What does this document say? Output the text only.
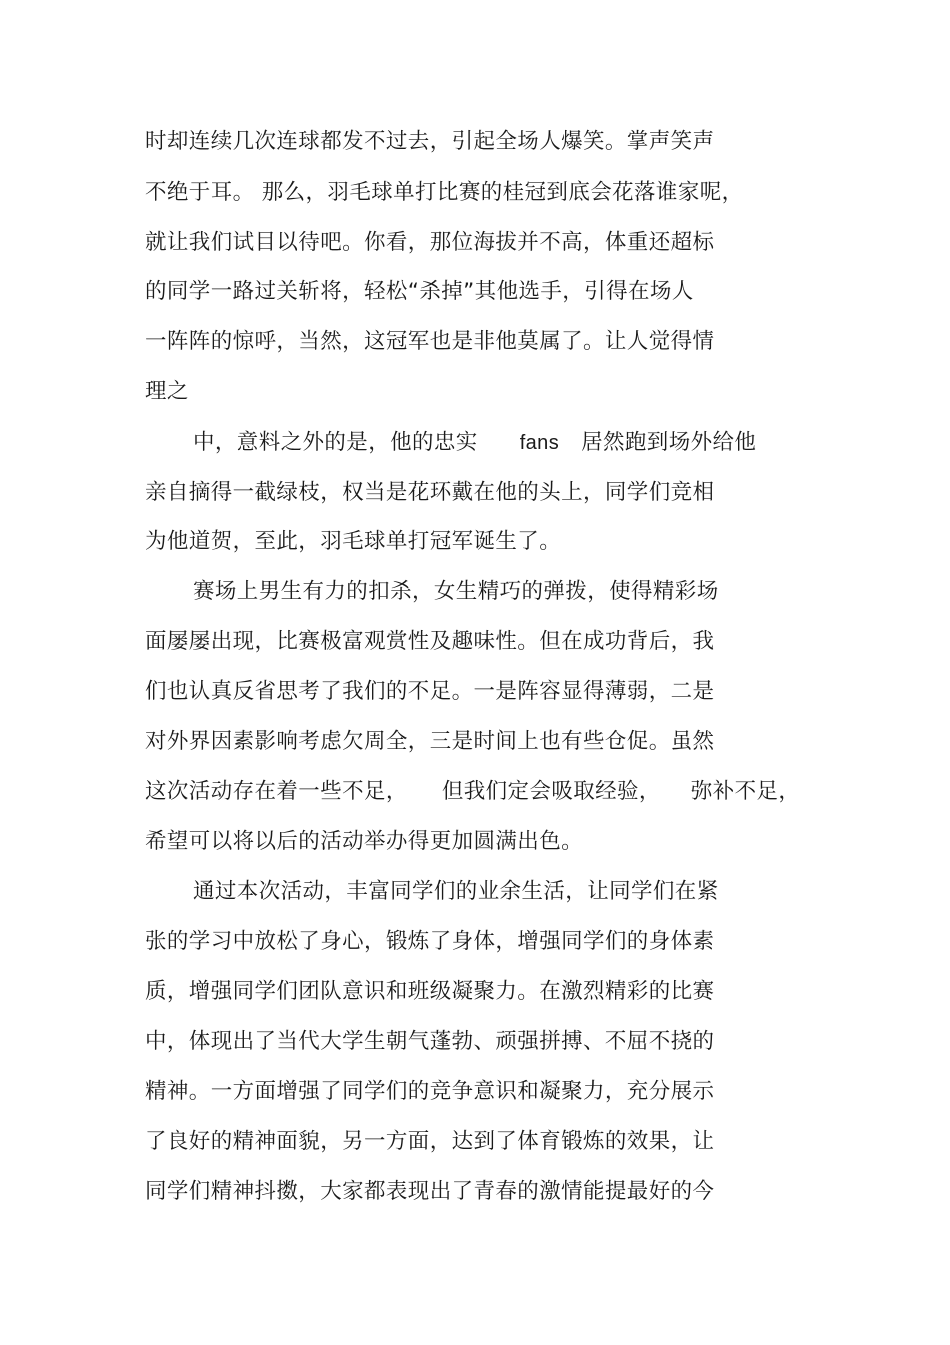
时却连续几次连球都发不过去，引起全场人爆笑。掌声笑声
不绝于耳。 那么，羽毛球单打比赛的桂冠到底会花落谁家呢，
就让我们试目以待吧。你看，那位海拔并不高，体重还超标
的同学一路过关斩将，轻松“杀掉”其他选手，引得在场人
一阵阵的惊呼，当然，这冠军也是非他莫属了。让人觉得情
理之
中，意料之外的是，他的忠实 fans 居然跑到场外给他
亲自摘得一截绿枝，权当是花环戴在他的头上，同学们竞相
为他道贺，至此，羽毛球单打冠军诞生了。
赛场上男生有力的扣杀，女生精巧的弹拨，使得精彩场
面屡屡出现，比赛极富观赏性及趣味性。但在成功背后，我
们也认真反省思考了我们的不足。一是阵容显得薄弱，二是
对外界因素影响考虑欠周全，三是时间上也有些仓促。虽然
这次活动存在着一些不足， 但我们定会吸取经验， 弥补不足，
希望可以将以后的活动举办得更加圆满出色。
通过本次活动，丰富同学们的业余生活，让同学们在紧
张的学习中放松了身心，锻炼了身体，增强同学们的身体素
质，增强同学们团队意识和班级凝聚力。在激烈精彩的比赛
中，体现出了当代大学生朝气蓬勃、顽强拼搏、不屈不挠的
精神。一方面增强了同学们的竞争意识和凝聚力，充分展示
了良好的精神面貌，另一方面，达到了体育锻炼的效果，让
同学们精神抖擞，大家都表现出了青春的激情能提最好的今
